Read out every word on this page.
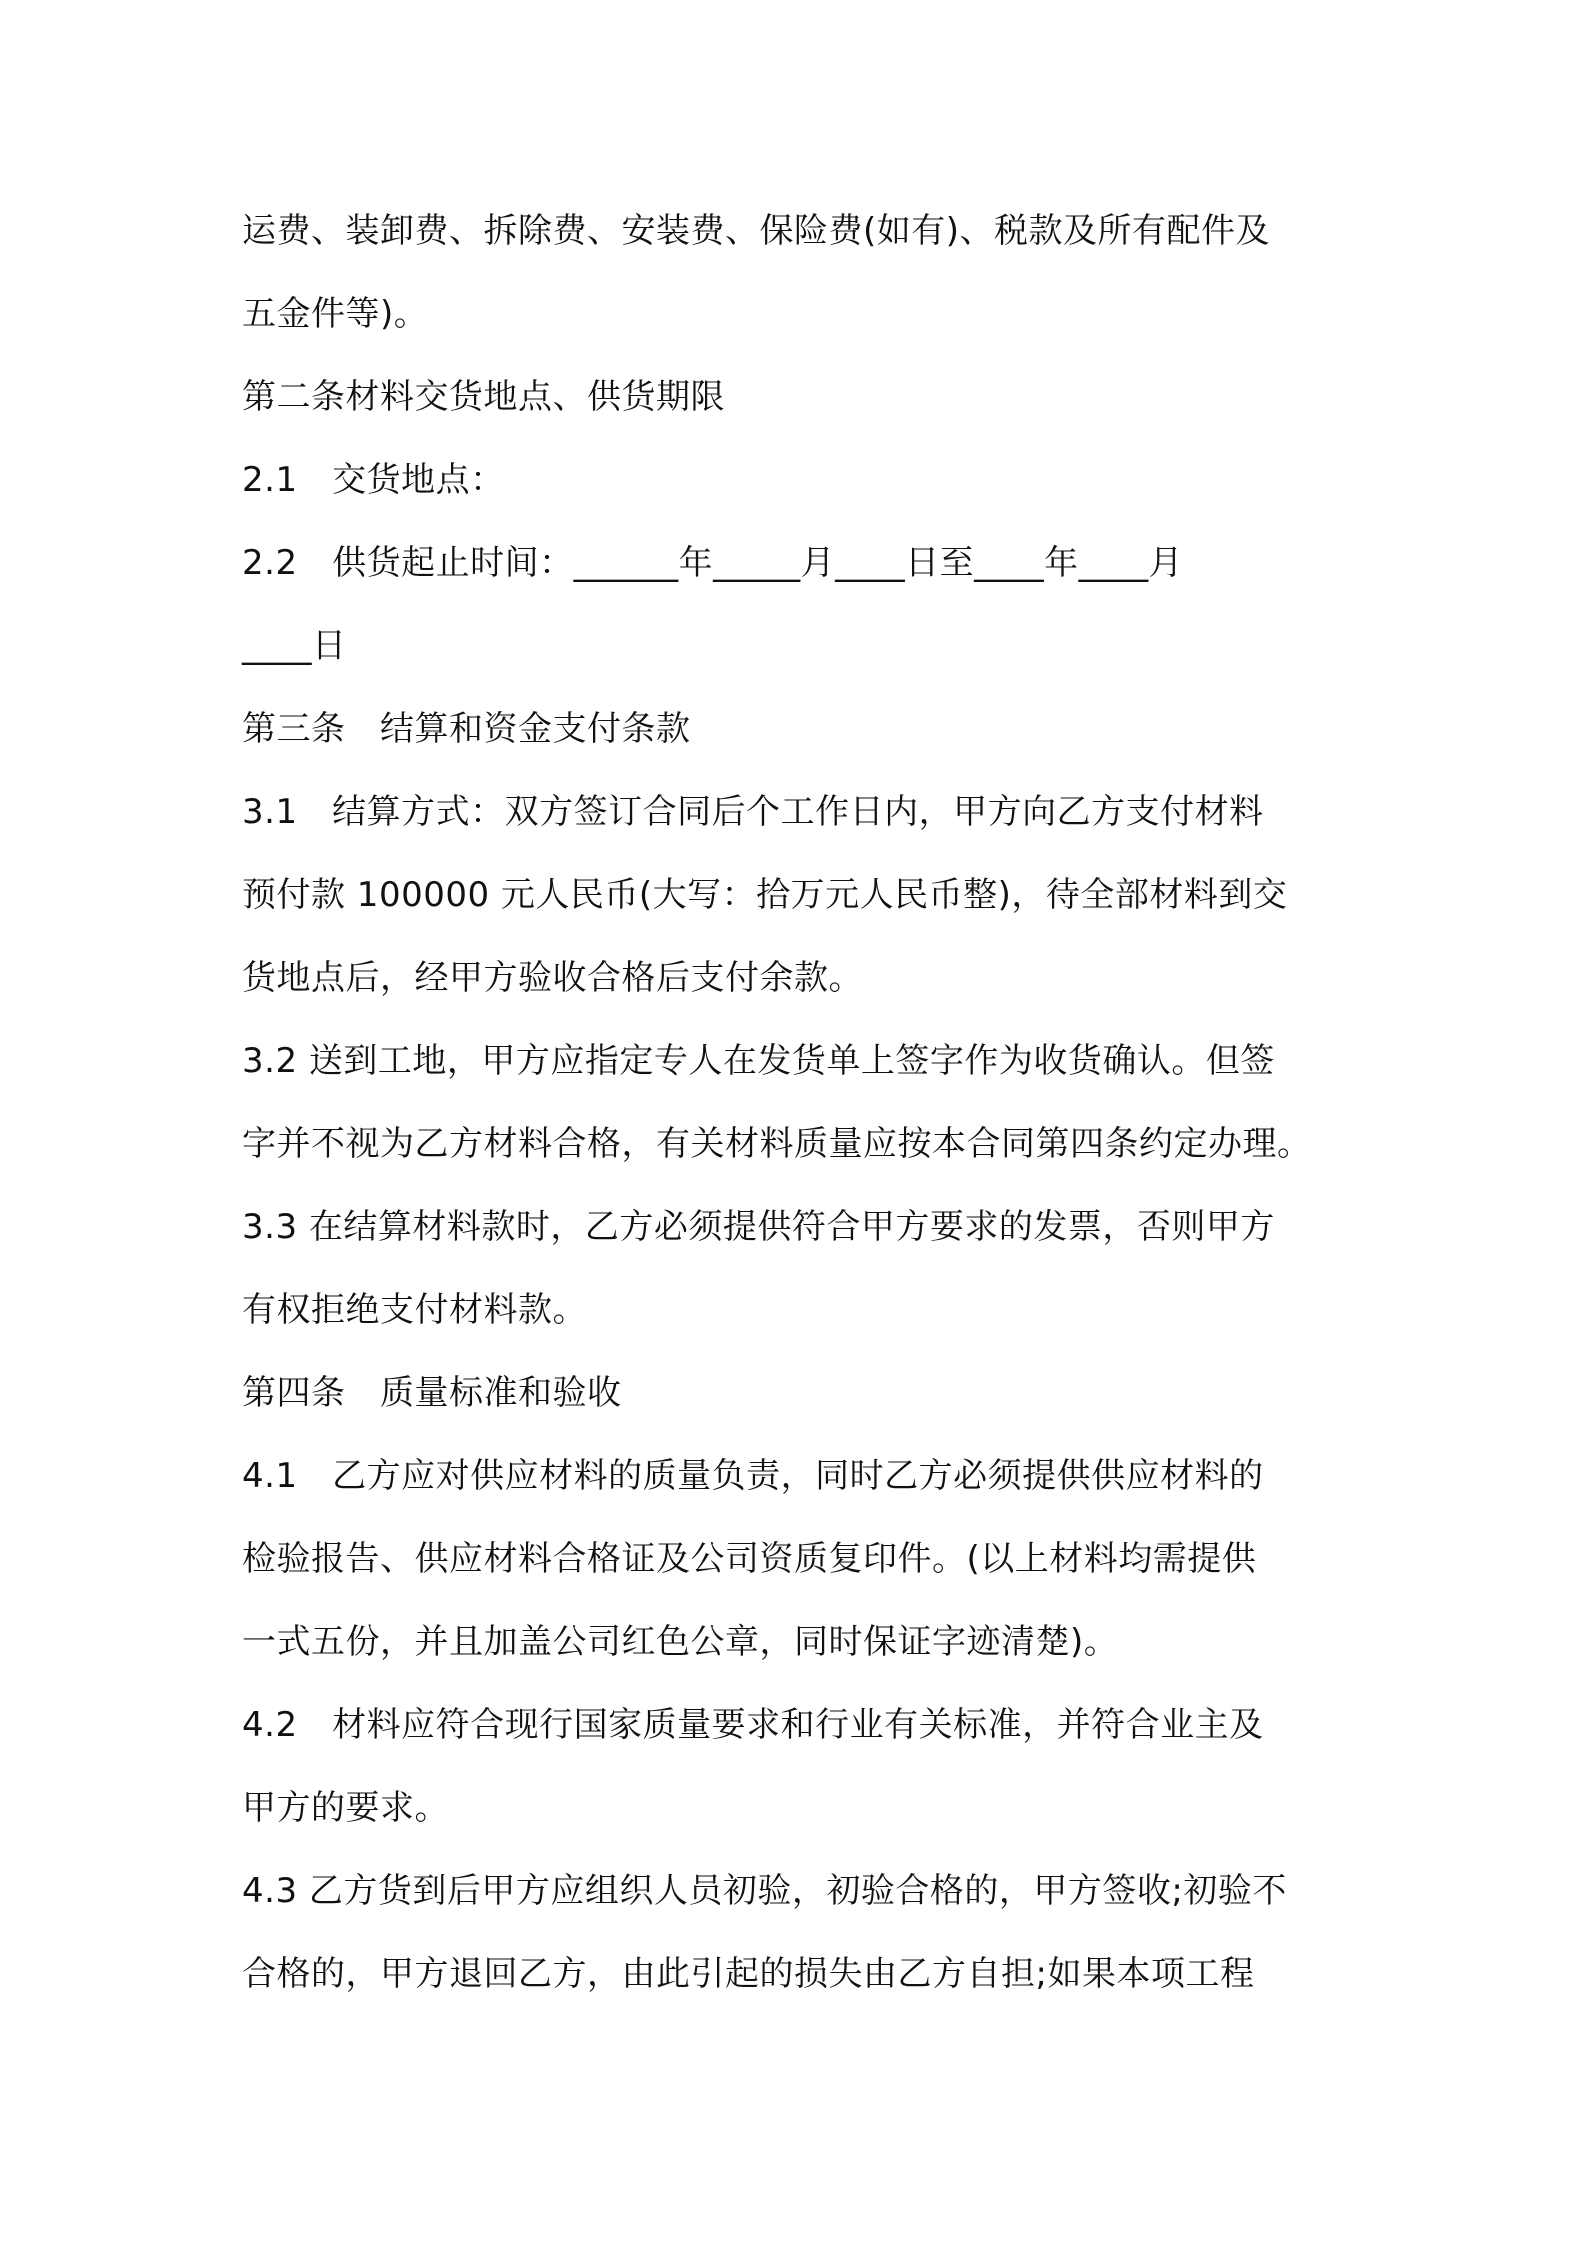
运费、装卸费、拆除费、安装费、保险费(如有)、税款及所有配件及
五金件等)。
第二条材料交货地点、供货期限
2.1　交货地点：
2.2　供货起止时间：______年_____月____日至____年____月
____日
第三条　结算和资金支付条款
3.1　结算方式：双方签订合同后个工作日内，甲方向乙方支付材料
预付款 100000 元人民币(大写：拾万元人民币整)，待全部材料到交
货地点后，经甲方验收合格后支付余款。
3.2 送到工地，甲方应指定专人在发货单上签字作为收货确认。但签
字并不视为乙方材料合格，有关材料质量应按本合同第四条约定办理。
3.3 在结算材料款时，乙方必须提供符合甲方要求的发票，否则甲方
有权拒绝支付材料款。
第四条　质量标准和验收
4.1　乙方应对供应材料的质量负责，同时乙方必须提供供应材料的
检验报告、供应材料合格证及公司资质复印件。(以上材料均需提供
一式五份，并且加盖公司红色公章，同时保证字迹清楚)。
4.2　材料应符合现行国家质量要求和行业有关标准，并符合业主及
甲方的要求。
4.3 乙方货到后甲方应组织人员初验，初验合格的，甲方签收;初验不
合格的，甲方退回乙方，由此引起的损失由乙方自担;如果本项工程
